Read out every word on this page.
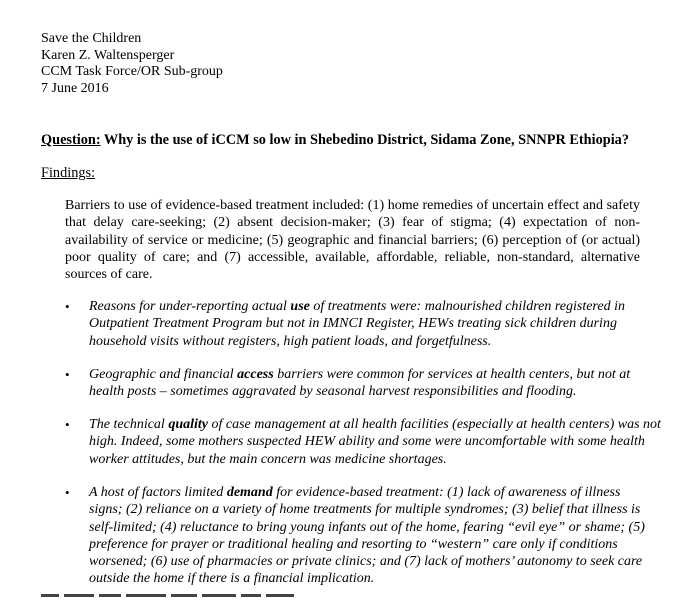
Save the Children
Karen Z. Waltensperger
CCM Task Force/OR Sub-group
7 June 2016
Question: Why is the use of iCCM so low in Shebedino District, Sidama Zone, SNNPR Ethiopia?
Findings:
Barriers to use of evidence-based treatment included: (1) home remedies of uncertain effect and safety that delay care-seeking; (2) absent decision-maker; (3) fear of stigma; (4) expectation of non-availability of service or medicine; (5) geographic and financial barriers; (6) perception of (or actual) poor quality of care; and (7) accessible, available, affordable, reliable, non-standard, alternative sources of care.
• Reasons for under-reporting actual use of treatments were: malnourished children registered in Outpatient Treatment Program but not in IMNCI Register, HEWs treating sick children during household visits without registers, high patient loads, and forgetfulness.
• Geographic and financial access barriers were common for services at health centers, but not at health posts – sometimes aggravated by seasonal harvest responsibilities and flooding.
• The technical quality of case management at all health facilities (especially at health centers) was not high. Indeed, some mothers suspected HEW ability and some were uncomfortable with some health worker attitudes, but the main concern was medicine shortages.
• A host of factors limited demand for evidence-based treatment: (1) lack of awareness of illness signs; (2) reliance on a variety of home treatments for multiple syndromes; (3) belief that illness is self-limited; (4) reluctance to bring young infants out of the home, fearing “evil eye” or shame; (5) preference for prayer or traditional healing and resorting to “western” care only if conditions worsened; (6) use of pharmacies or private clinics; and (7) lack of mothers’ autonomy to seek care outside the home if there is a financial implication.
